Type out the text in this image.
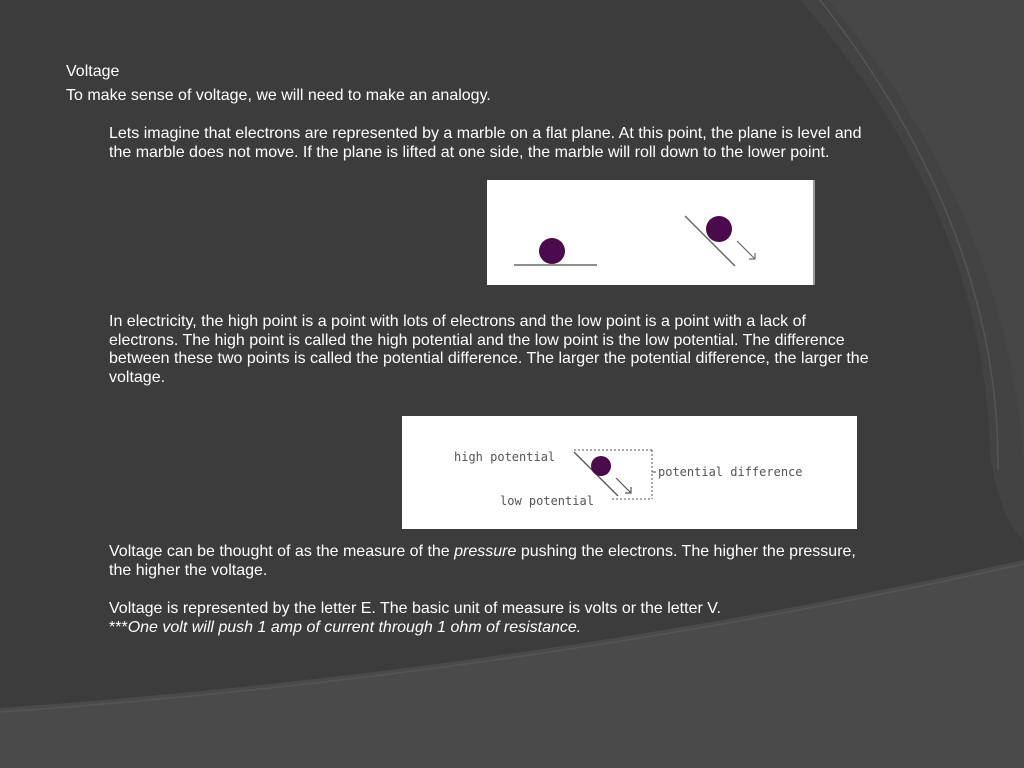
Voltage
To make sense of voltage, we will need to make an analogy.

Lets imagine that electrons are represented by a marble on a flat plane. At this point, the plane is level and the marble does not move. If the plane is lifted at one side, the marble will roll down to the lower point.

In electricity, the high point is a point with lots of electrons and the low point is a point with a lack of electrons. The high point is called the high potential and the low point is the low potential. The difference between these two points is called the potential difference. The larger the potential difference, the larger the voltage.

high potential
low potential
potential difference

Voltage can be thought of as the measure of the pressure pushing the electrons. The higher the pressure, the higher the voltage.

Voltage is represented by the letter E. The basic unit of measure is volts or the letter V.
***One volt will push 1 amp of current through 1 ohm of resistance.
